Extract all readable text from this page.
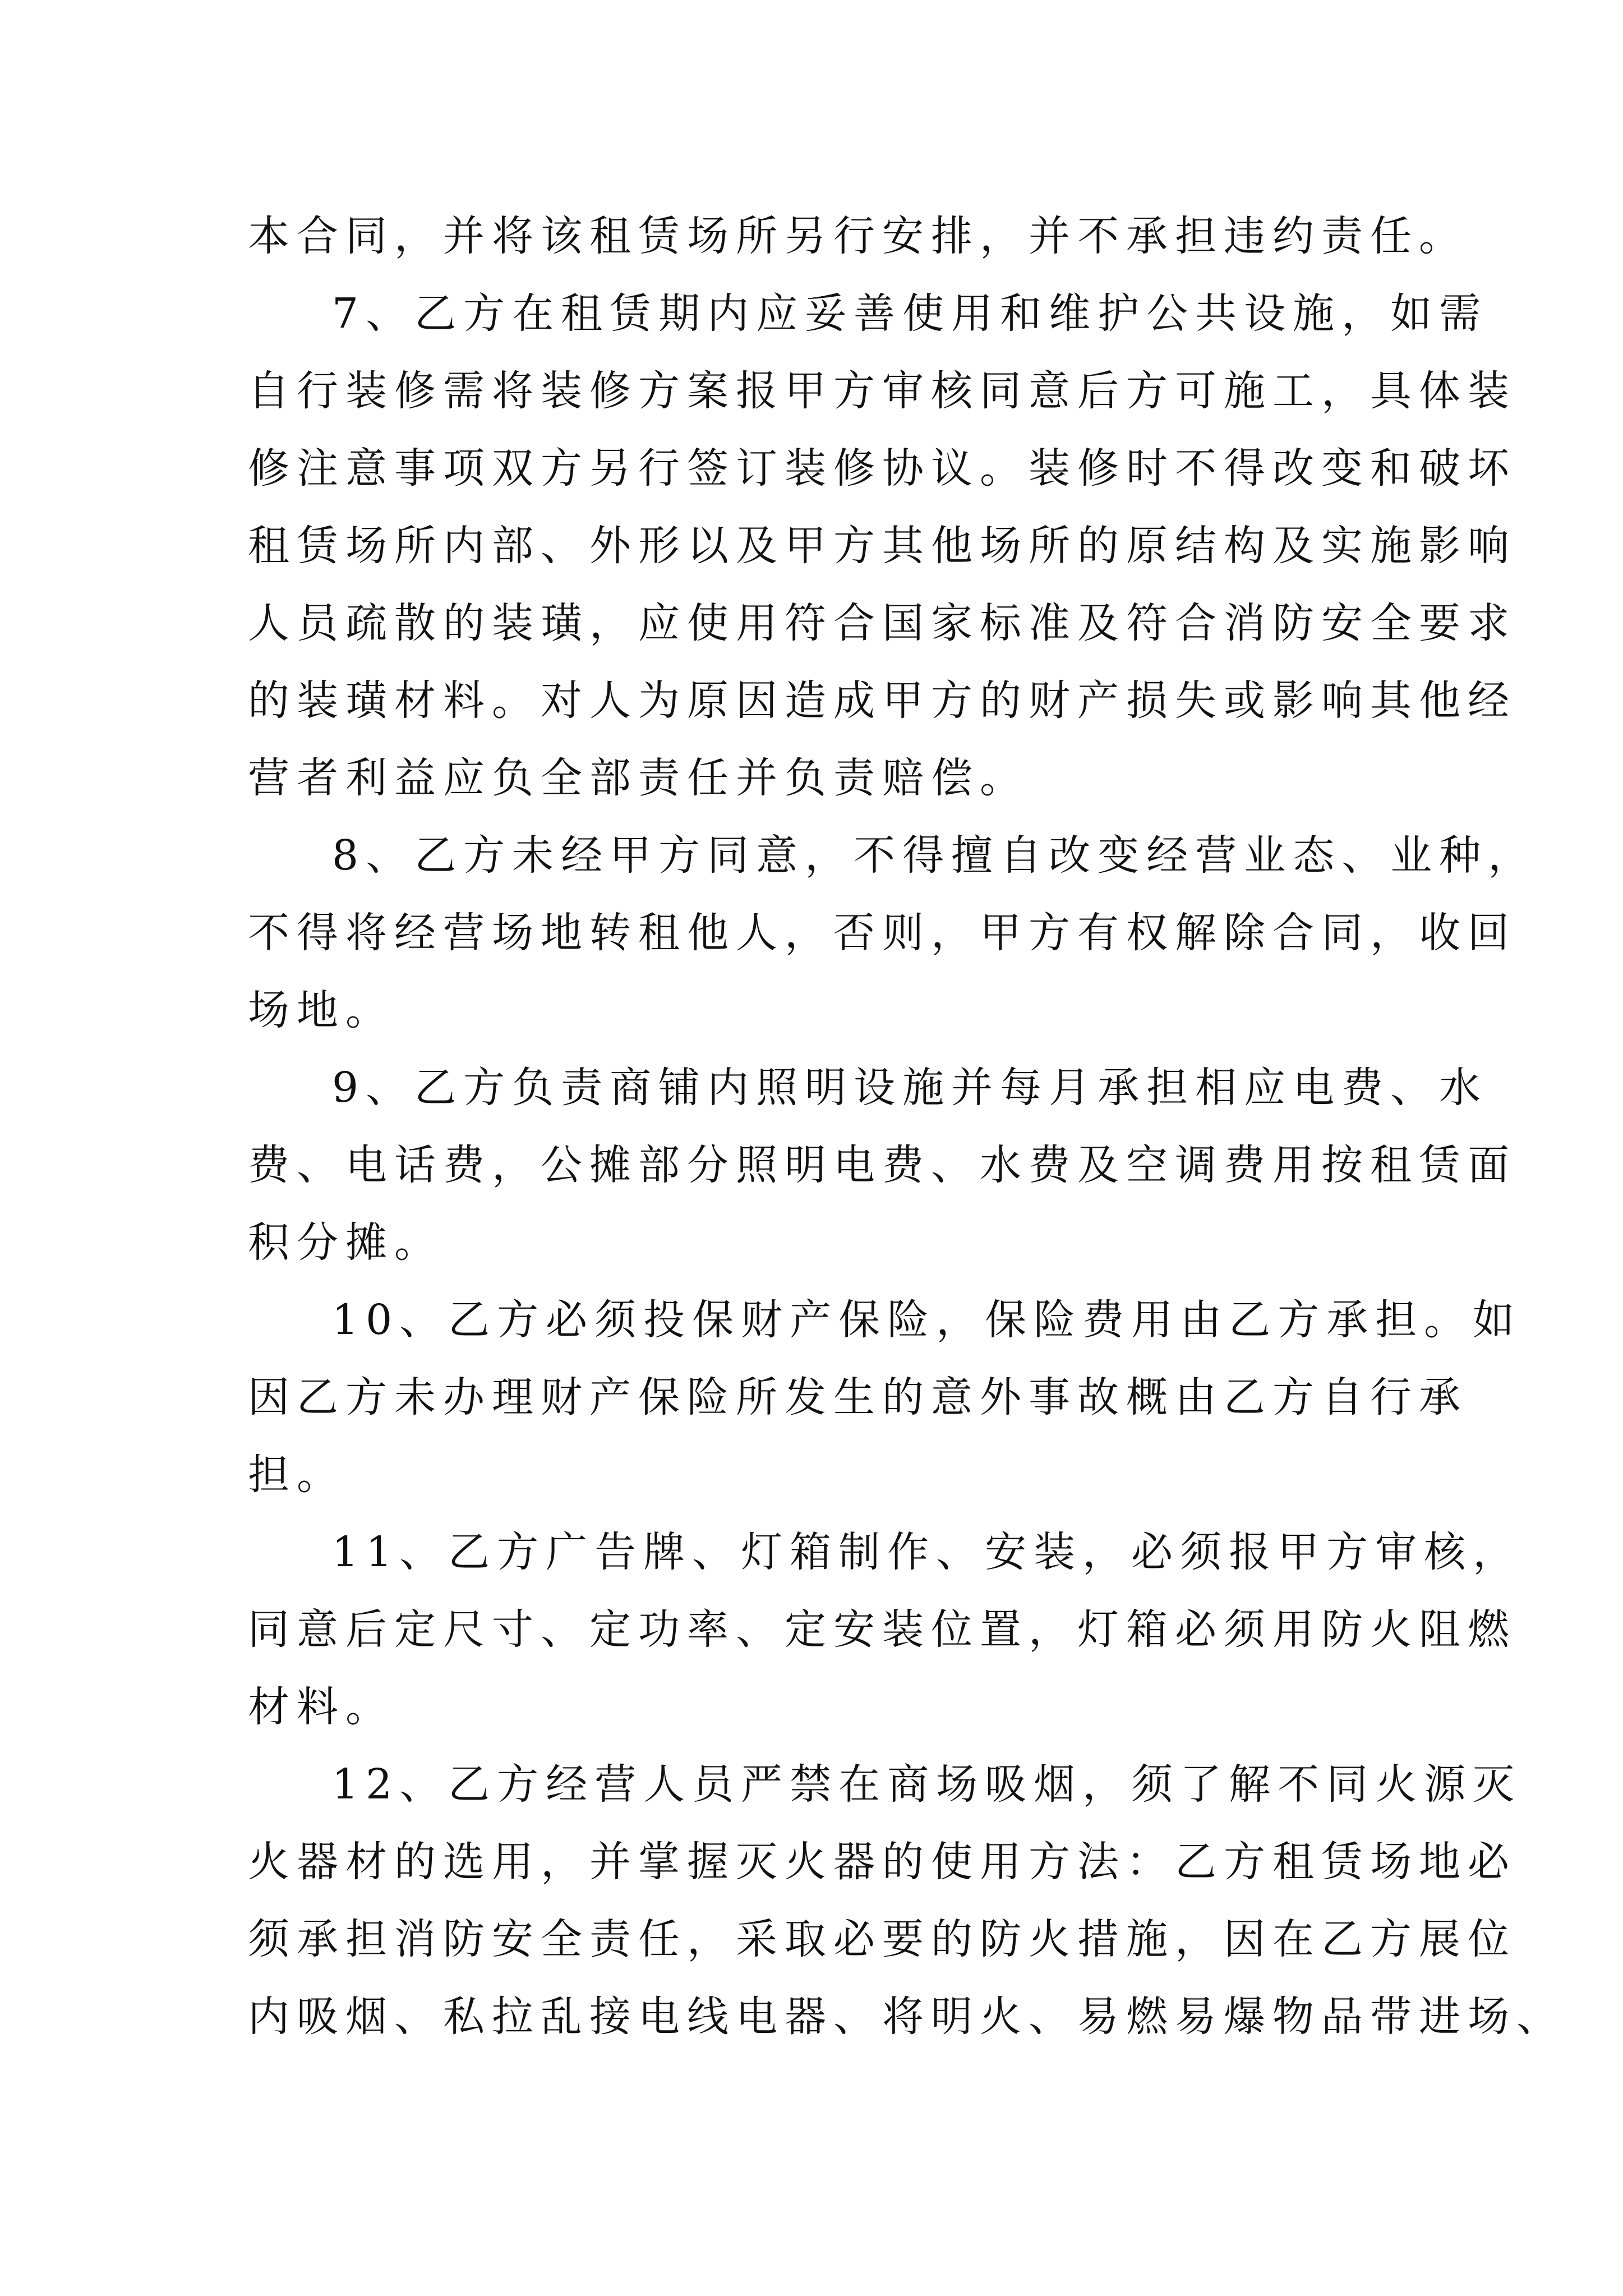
本合同，并将该租赁场所另行安排，并不承担违约责任。
7、乙方在租赁期内应妥善使用和维护公共设施，如需
自行装修需将装修方案报甲方审核同意后方可施工，具体装
修注意事项双方另行签订装修协议。装修时不得改变和破坏
租赁场所内部、外形以及甲方其他场所的原结构及实施影响
人员疏散的装璜，应使用符合国家标准及符合消防安全要求
的装璜材料。对人为原因造成甲方的财产损失或影响其他经
营者利益应负全部责任并负责赔偿。
8、乙方未经甲方同意，不得擅自改变经营业态、业种，
不得将经营场地转租他人，否则，甲方有权解除合同，收回
场地。
9、乙方负责商铺内照明设施并每月承担相应电费、水
费、电话费，公摊部分照明电费、水费及空调费用按租赁面
积分摊。
10、乙方必须投保财产保险，保险费用由乙方承担。如
因乙方未办理财产保险所发生的意外事故概由乙方自行承
担。
11、乙方广告牌、灯箱制作、安装，必须报甲方审核，
同意后定尺寸、定功率、定安装位置，灯箱必须用防火阻燃
材料。
12、乙方经营人员严禁在商场吸烟，须了解不同火源灭
火器材的选用，并掌握灭火器的使用方法：乙方租赁场地必
须承担消防安全责任，采取必要的防火措施，因在乙方展位
内吸烟、私拉乱接电线电器、将明火、易燃易爆物品带进场、
